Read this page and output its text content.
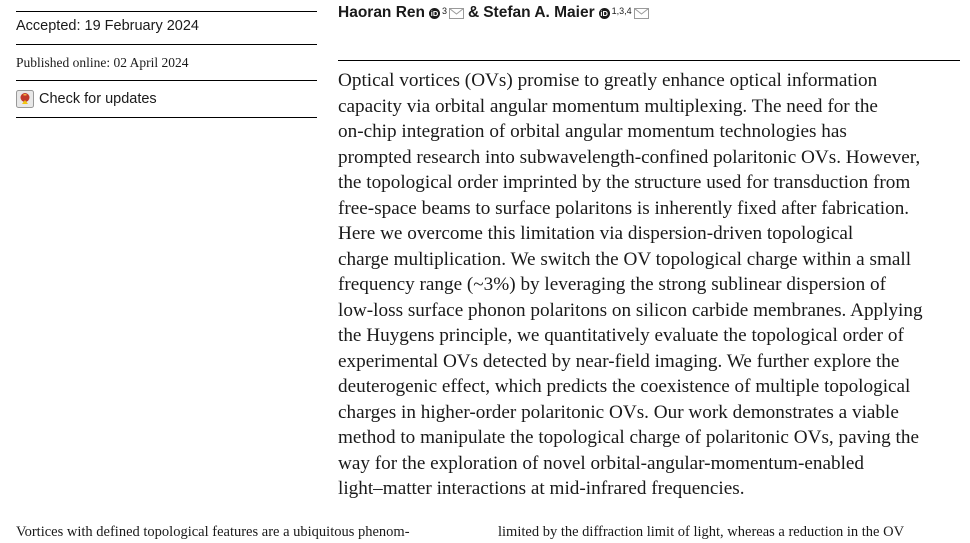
Accepted: 19 February 2024
Published online: 02 April 2024
Check for updates
Haoran Ren iD 3 & Stefan A. Maier iD 1,3,4
Optical vortices (OVs) promise to greatly enhance optical information
capacity via orbital angular momentum multiplexing. The need for the
on-chip integration of orbital angular momentum technologies has
prompted research into subwavelength-confined polaritonic OVs. However,
the topological order imprinted by the structure used for transduction from
free-space beams to surface polaritons is inherently fixed after fabrication.
Here we overcome this limitation via dispersion-driven topological
charge multiplication. We switch the OV topological charge within a small
frequency range (~3%) by leveraging the strong sublinear dispersion of
low-loss surface phonon polaritons on silicon carbide membranes. Applying
the Huygens principle, we quantitatively evaluate the topological order of
experimental OVs detected by near-field imaging. We further explore the
deuterogenic effect, which predicts the coexistence of multiple topological
charges in higher-order polaritonic OVs. Our work demonstrates a viable
method to manipulate the topological charge of polaritonic OVs, paving the
way for the exploration of novel orbital-angular-momentum-enabled
light–matter interactions at mid-infrared frequencies.
Vortices with defined topological features are a ubiquitous phenom-	limited by the diffraction limit of light, whereas a reduction in the OV
